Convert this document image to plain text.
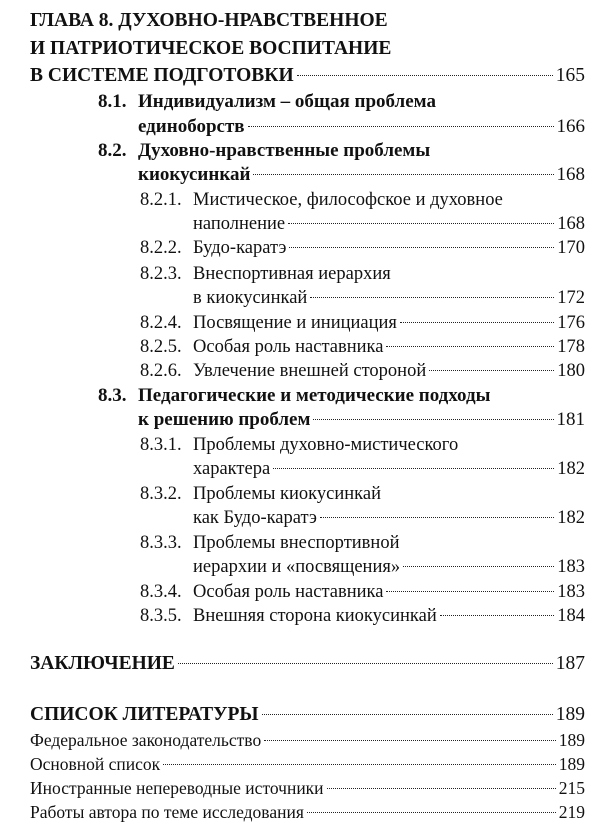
ГЛАВА 8. ДУХОВНО-НРАВСТВЕННОЕ
И ПАТРИОТИЧЕСКОЕ ВОСПИТАНИЕ
В СИСТЕМЕ ПОДГОТОВКИ	165
8.1. Индивидуализм – общая проблема
единоборств	166
8.2. Духовно-нравственные проблемы
киокусинкай	168
8.2.1. Мистическое, философское и духовное
наполнение	168
8.2.2. Будо-каратэ	170
8.2.3. Внеспортивная иерархия
в киокусинкай	172
8.2.4. Посвящение и инициация	176
8.2.5. Особая роль наставника	178
8.2.6. Увлечение внешней стороной	180
8.3. Педагогические и методические подходы
к решению проблем	181
8.3.1. Проблемы духовно-мистического
характера	182
8.3.2. Проблемы киокусинкай
как Будо-каратэ	182
8.3.3. Проблемы внеспортивной
иерархии и «посвящения»	183
8.3.4. Особая роль наставника	183
8.3.5. Внешняя сторона киокусинкай	184
ЗАКЛЮЧЕНИЕ	187
СПИСОК ЛИТЕРАТУРЫ	189
Федеральное законодательство	189
Основной список	189
Иностранные непереводные источники	215
Работы автора по теме исследования	219
